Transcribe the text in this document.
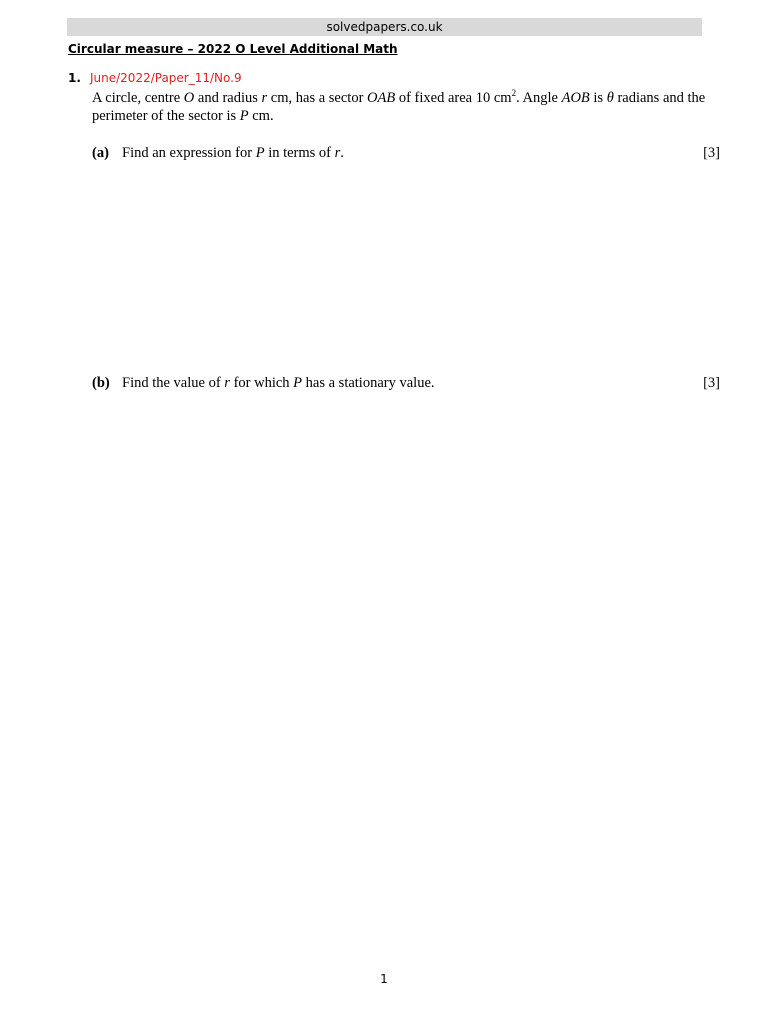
solvedpapers.co.uk
Circular measure – 2022 O Level Additional Math
1. June/2022/Paper_11/No.9
A circle, centre O and radius r cm, has a sector OAB of fixed area 10 $cm^2$. Angle AOB is θ radians and the perimeter of the sector is P cm.
(a) Find an expression for P in terms of r.	[3]
(b) Find the value of r for which P has a stationary value.	[3]
1
